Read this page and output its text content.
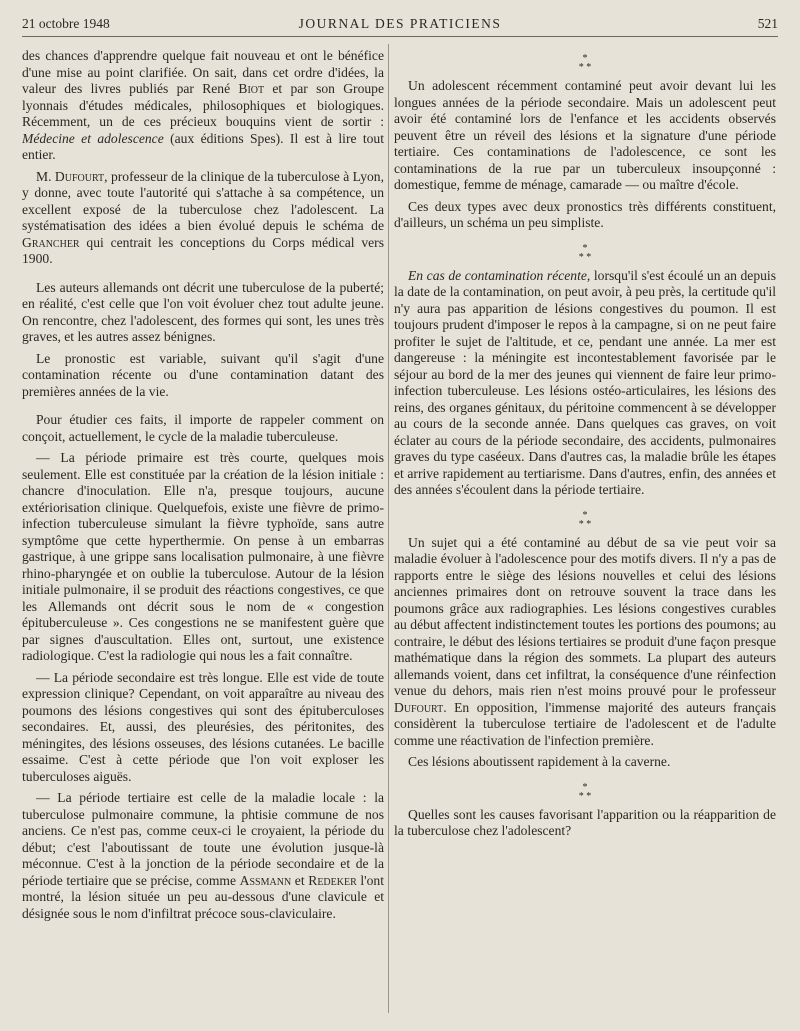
21 octobre 1948	JOURNAL DES PRATICIENS	521

des chances d'apprendre quelque fait nouveau et ont le bénéfice d'une mise au point clarifiée. On sait, dans cet ordre d'idées, la valeur des livres publiés par René Biot et par son Groupe lyonnais d'études médicales, philosophiques et biologiques. Récemment, un de ces précieux bouquins vient de sortir : Médecine et adolescence (aux éditions Spes). Il est à lire tout entier.

M. Dufourt, professeur de la clinique de la tuberculose à Lyon, y donne, avec toute l'autorité qui s'attache à sa compétence, un excellent exposé de la tuberculose chez l'adolescent. La systématisation des idées a bien évolué depuis le schéma de Grancher qui centrait les conceptions du Corps médical vers 1900.

Les auteurs allemands ont décrit une tuberculose de la puberté; en réalité, c'est celle que l'on voit évoluer chez tout adulte jeune. On rencontre, chez l'adolescent, des formes qui sont, les unes très graves, et les autres assez bénignes.

Le pronostic est variable, suivant qu'il s'agit d'une contamination récente ou d'une contamination datant des premières années de la vie.

Pour étudier ces faits, il importe de rappeler comment on conçoit, actuellement, le cycle de la maladie tuberculeuse.

— La période primaire est très courte, quelques mois seulement. Elle est constituée par la création de la lésion initiale : chancre d'inoculation. Elle n'a, presque toujours, aucune extériorisation clinique. Quelquefois, existe une fièvre de primo-infection tuberculeuse simulant la fièvre typhoïde, sans autre symptôme que cette hyperthermie. On pense à un embarras gastrique, à une grippe sans localisation pulmonaire, à une fièvre rhino-pharyngée et on oublie la tuberculose. Autour de la lésion initiale pulmonaire, il se produit des réactions congestives, ce que les Allemands ont décrit sous le nom de « congestion épituberculeuse ». Ces congestions ne se manifestent guère que par signes d'auscultation. Elles ont, surtout, une existence radiologique. C'est la radiologie qui nous les a fait connaître.

— La période secondaire est très longue. Elle est vide de toute expression clinique? Cependant, on voit apparaître au niveau des poumons des lésions congestives qui sont des épituberculoses secondaires. Et, aussi, des pleurésies, des péritonites, des méningites, des lésions osseuses, des lésions cutanées. Le bacille essaime. C'est à cette période que l'on voit exploser les tuberculoses aiguës.

— La période tertiaire est celle de la maladie locale : la tuberculose pulmonaire commune, la phtisie commune de nos anciens. Ce n'est pas, comme ceux-ci le croyaient, la période du début; c'est l'aboutissant de toute une évolution jusque-là méconnue. C'est à la jonction de la période secondaire et de la période tertiaire que se précise, comme Assmann et Redeker l'ont montré, la lésion située un peu au-dessous d'une clavicule et désignée sous le nom d'infiltrat précoce sous-claviculaire.

*
* *

Un adolescent récemment contaminé peut avoir devant lui les longues années de la période secondaire. Mais un adolescent peut avoir été contaminé lors de l'enfance et les accidents observés peuvent être un réveil des lésions et la signature d'une période tertiaire. Ces contaminations de l'adolescence, ce sont les contaminations de la rue par un tuberculeux insoupçonné : domestique, femme de ménage, camarade — ou maître d'école.

Ces deux types avec deux pronostics très différents constituent, d'ailleurs, un schéma un peu simpliste.

*
* *

En cas de contamination récente, lorsqu'il s'est écoulé un an depuis la date de la contamination, on peut avoir, à peu près, la certitude qu'il n'y aura pas apparition de lésions congestives du poumon. Il est toujours prudent d'imposer le repos à la campagne, si on ne peut faire profiter le sujet de l'altitude, et ce, pendant une année. La mer est dangereuse : la méningite est incontestablement favorisée par le séjour au bord de la mer des jeunes qui viennent de faire leur primo-infection tuberculeuse. Les lésions ostéo-articulaires, les lésions des reins, des organes génitaux, du péritoine commencent à se développer au cours de la seconde année. Dans quelques cas graves, on voit éclater au cours de la période secondaire, des accidents, pulmonaires graves du type caséeux. Dans d'autres cas, la maladie brûle les étapes et arrive rapidement au tertiarisme. Dans d'autres, enfin, des années et des années s'écoulent dans la période tertiaire.

*
* *

Un sujet qui a été contaminé au début de sa vie peut voir sa maladie évoluer à l'adolescence pour des motifs divers. Il n'y a pas de rapports entre le siège des lésions nouvelles et celui des lésions anciennes primaires dont on retrouve souvent la trace dans les poumons grâce aux radiographies. Les lésions congestives curables au début affectent indistinctement toutes les portions des poumons; au contraire, le début des lésions tertiaires se produit d'une façon presque mathématique dans la région des sommets. La plupart des auteurs allemands voient, dans cet infiltrat, la conséquence d'une réinfection venue du dehors, mais rien n'est moins prouvé pour le professeur Dufourt. En opposition, l'immense majorité des auteurs français considèrent la tuberculose tertiaire de l'adolescent et de l'adulte comme une réactivation de l'infection première.

Ces lésions aboutissent rapidement à la caverne.

*
* *

Quelles sont les causes favorisant l'apparition ou la réapparition de la tuberculose chez l'adolescent?
